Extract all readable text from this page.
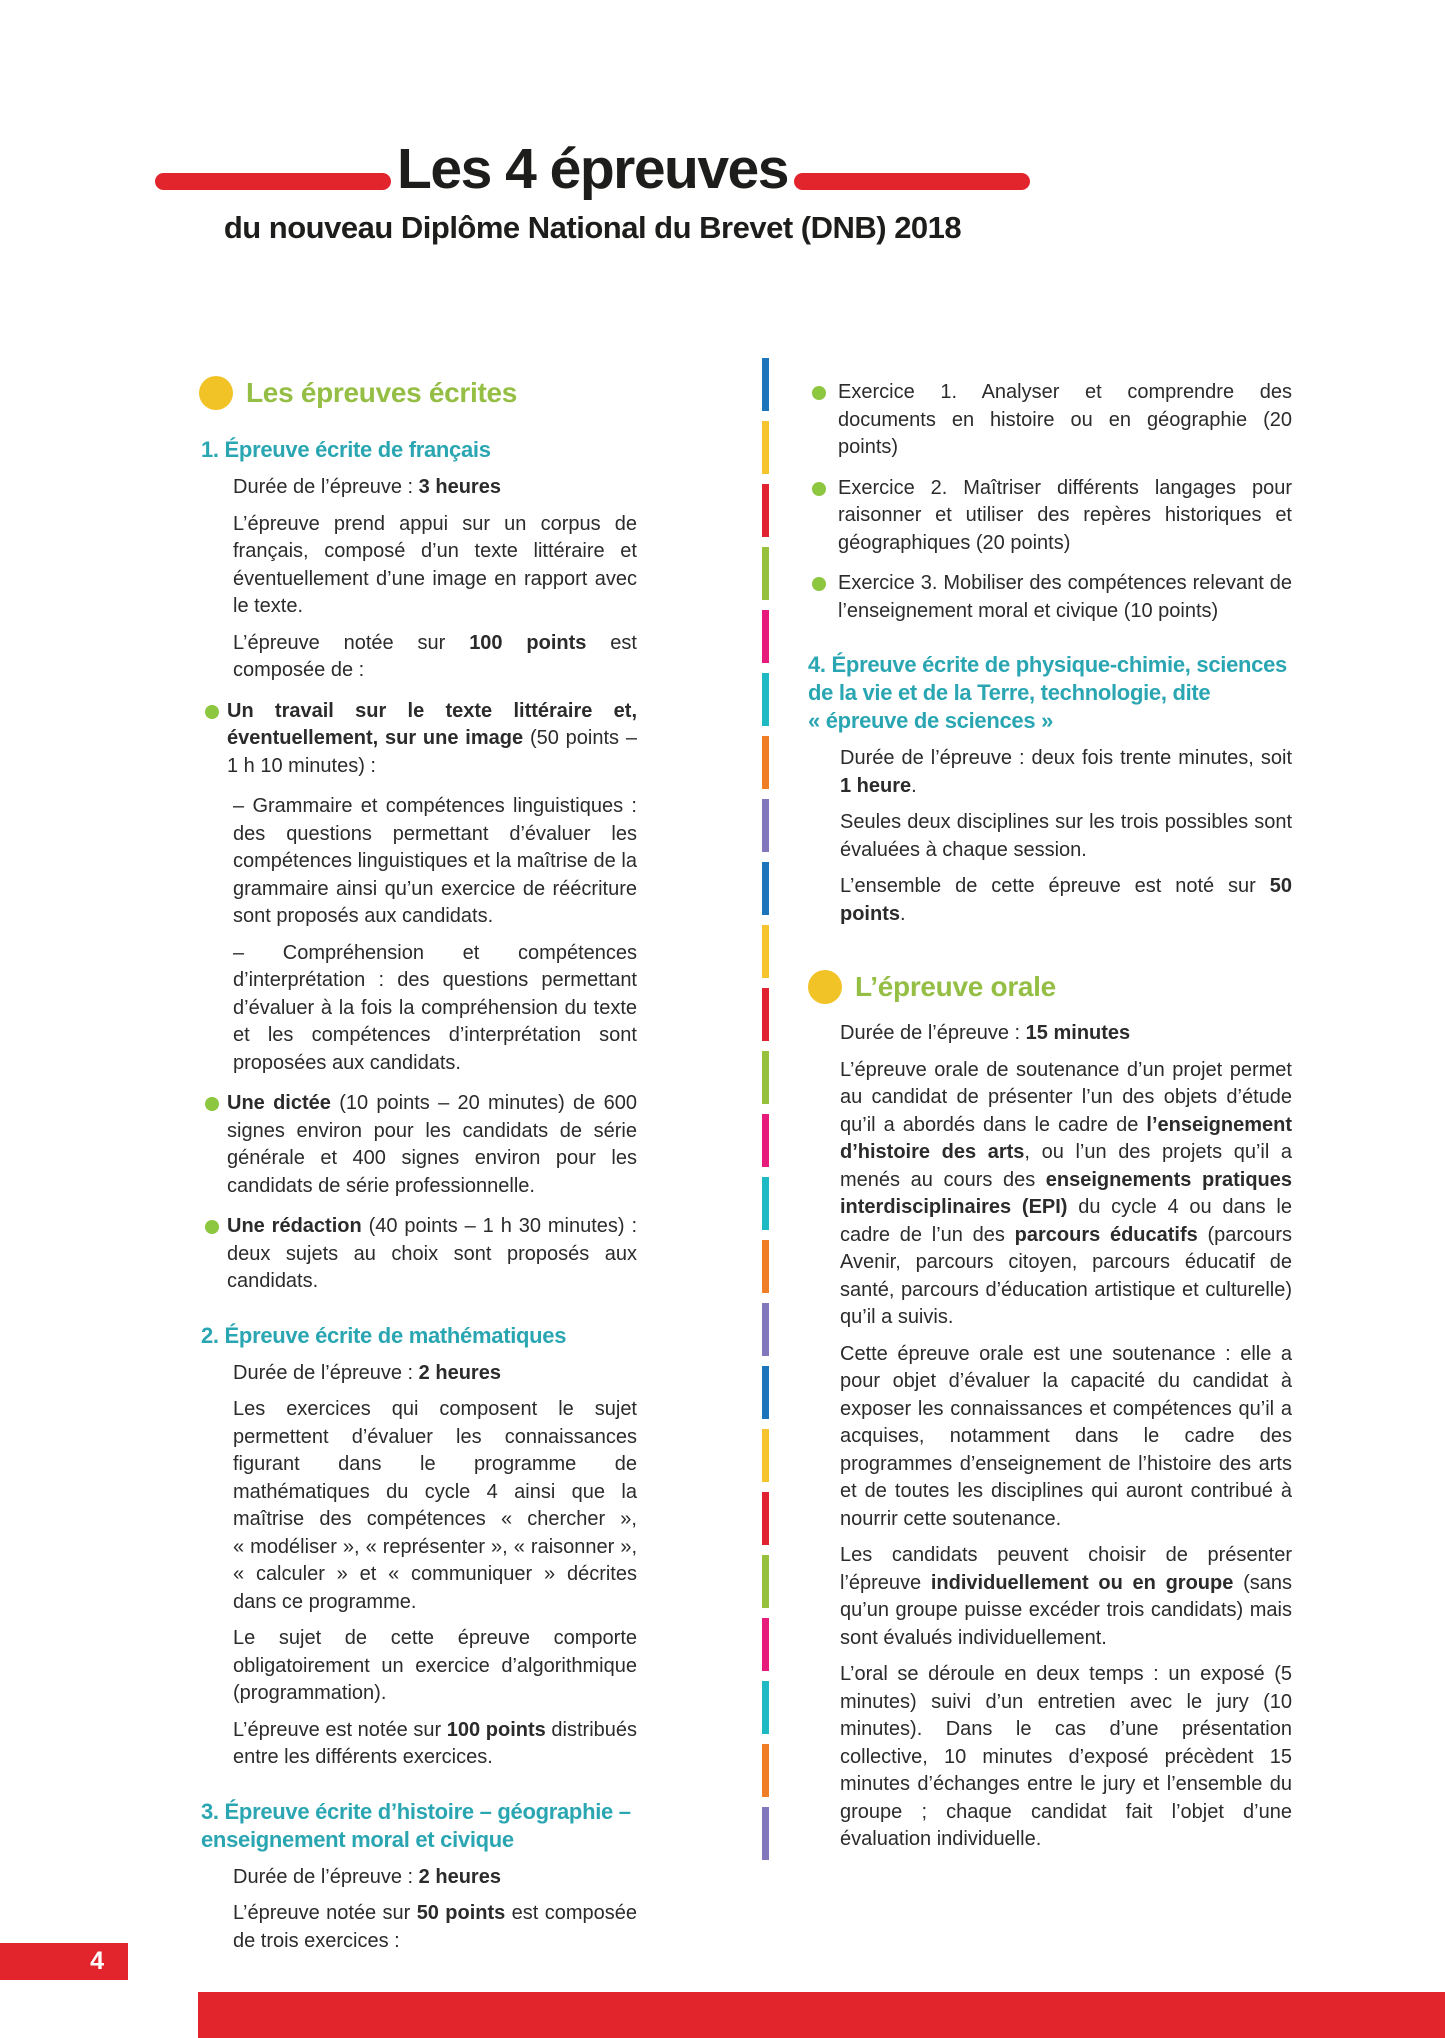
Les 4 épreuves
du nouveau Diplôme National du Brevet (DNB) 2018
Les épreuves écrites
1. Épreuve écrite de français
Durée de l’épreuve : 3 heures
L’épreuve prend appui sur un corpus de français, composé d’un texte littéraire et éventuellement d’une image en rapport avec le texte.
L’épreuve notée sur 100 points est composée de :
Un travail sur le texte littéraire et, éventuellement, sur une image (50 points – 1 h 10 minutes) :
– Grammaire et compétences linguistiques : des questions permettant d’évaluer les compétences linguistiques et la maîtrise de la grammaire ainsi qu’un exercice de réécriture sont proposés aux candidats.
– Compréhension et compétences d’interprétation : des questions permettant d’évaluer à la fois la compréhension du texte et les compétences d’interprétation sont proposées aux candidats.
Une dictée (10 points – 20 minutes) de 600 signes environ pour les candidats de série générale et 400 signes environ pour les candidats de série professionnelle.
Une rédaction (40 points – 1 h 30 minutes) : deux sujets au choix sont proposés aux candidats.
2. Épreuve écrite de mathématiques
Durée de l’épreuve : 2 heures
Les exercices qui composent le sujet permettent d’évaluer les connaissances figurant dans le programme de mathématiques du cycle 4 ainsi que la maîtrise des compétences « chercher », « modéliser », « représenter », « raisonner », « calculer » et « communiquer » décrites dans ce programme.
Le sujet de cette épreuve comporte obligatoirement un exercice d’algorithmique (programmation).
L’épreuve est notée sur 100 points distribués entre les différents exercices.
3. Épreuve écrite d’histoire – géographie – enseignement moral et civique
Durée de l’épreuve : 2 heures
L’épreuve notée sur 50 points est composée de trois exercices :
Exercice 1. Analyser et comprendre des documents en histoire ou en géographie (20 points)
Exercice 2. Maîtriser différents langages pour raisonner et utiliser des repères historiques et géographiques (20 points)
Exercice 3. Mobiliser des compétences relevant de l’enseignement moral et civique (10 points)
4. Épreuve écrite de physique-chimie, sciences de la vie et de la Terre, technologie, dite « épreuve de sciences »
Durée de l’épreuve : deux fois trente minutes, soit 1 heure.
Seules deux disciplines sur les trois possibles sont évaluées à chaque session.
L’ensemble de cette épreuve est noté sur 50 points.
L’épreuve orale
Durée de l’épreuve : 15 minutes
L’épreuve orale de soutenance d’un projet permet au candidat de présenter l’un des objets d’étude qu’il a abordés dans le cadre de l’enseignement d’histoire des arts, ou l’un des projets qu’il a menés au cours des enseignements pratiques interdisciplinaires (EPI) du cycle 4 ou dans le cadre de l’un des parcours éducatifs (parcours Avenir, parcours citoyen, parcours éducatif de santé, parcours d’éducation artistique et culturelle) qu’il a suivis.
Cette épreuve orale est une soutenance : elle a pour objet d’évaluer la capacité du candidat à exposer les connaissances et compétences qu’il a acquises, notamment dans le cadre des programmes d’enseignement de l’histoire des arts et de toutes les disciplines qui auront contribué à nourrir cette soutenance.
Les candidats peuvent choisir de présenter l’épreuve individuellement ou en groupe (sans qu’un groupe puisse excéder trois candidats) mais sont évalués individuellement.
L’oral se déroule en deux temps : un exposé (5 minutes) suivi d’un entretien avec le jury (10 minutes). Dans le cas d’une présentation collective, 10 minutes d’exposé précèdent 15 minutes d’échanges entre le jury et l’ensemble du groupe ; chaque candidat fait l’objet d’une évaluation individuelle.
4
